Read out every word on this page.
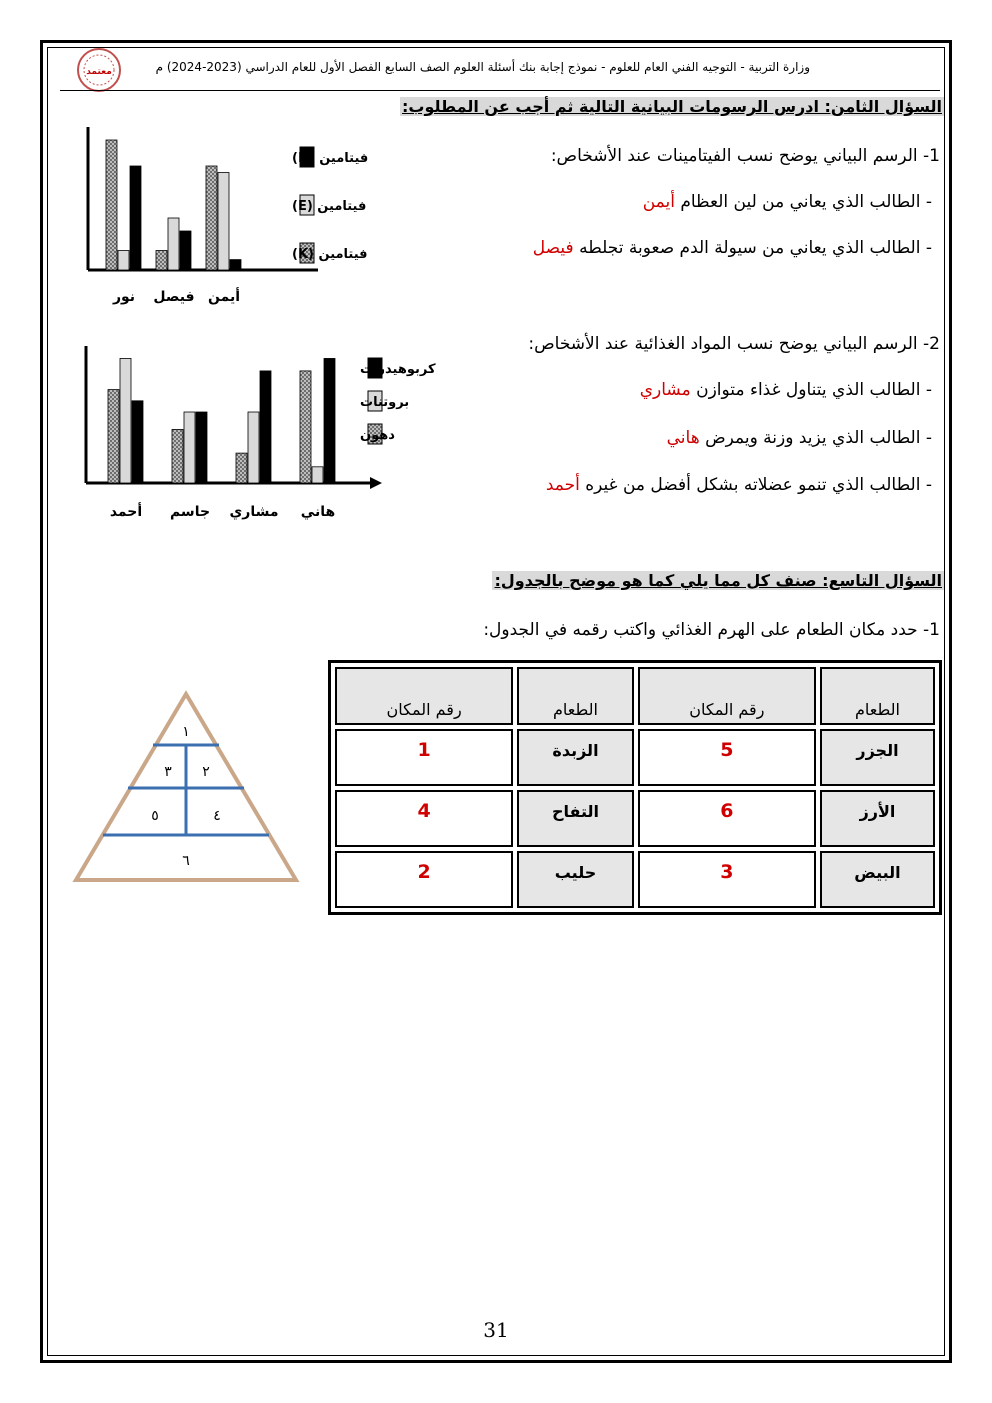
معتمد	وزارة التربية - التوجيه الفني العام للعلوم - نموذج إجابة بنك أسئلة العلوم الصف السابع الفصل الأول للعام الدراسي (2023-2024) م
السؤال الثامن: ادرس الرسومات البيانية التالية ثم أجب عن المطلوب:
1- الرسم البياني يوضح نسب الفيتامينات عند الأشخاص:
- الطالب الذي يعاني من لين العظام أيمن
- الطالب الذي يعاني من سيولة الدم صعوبة تجلطه فيصل
2- الرسم البياني يوضح نسب المواد الغذائية عند الأشخاص:
- الطالب الذي يتناول غذاء متوازن مشاري
- الطالب الذي يزيد وزنة ويمرض هاني
- الطالب الذي تنمو عضلاته بشكل أفضل من غيره أحمد
نور فيصل أيمن
فيتامين (D)
فيتامين (E)
فيتامين (K)
أحمد جاسم مشاري هاني
كربوهيدرات
بروتنات
دهون
السؤال التاسع: صنف كل مما يلي كما هو موضح بالجدول:
1- حدد مكان الطعام على الهرم الغذائي واكتب رقمه في الجدول:
الطعام	رقم المكان	الطعام	رقم المكان
الجزر	5	الزبدة	1
الأرز	6	التفاح	4
البيض	3	حليب	2
١
٢
٣
٤
٥
٦
31
